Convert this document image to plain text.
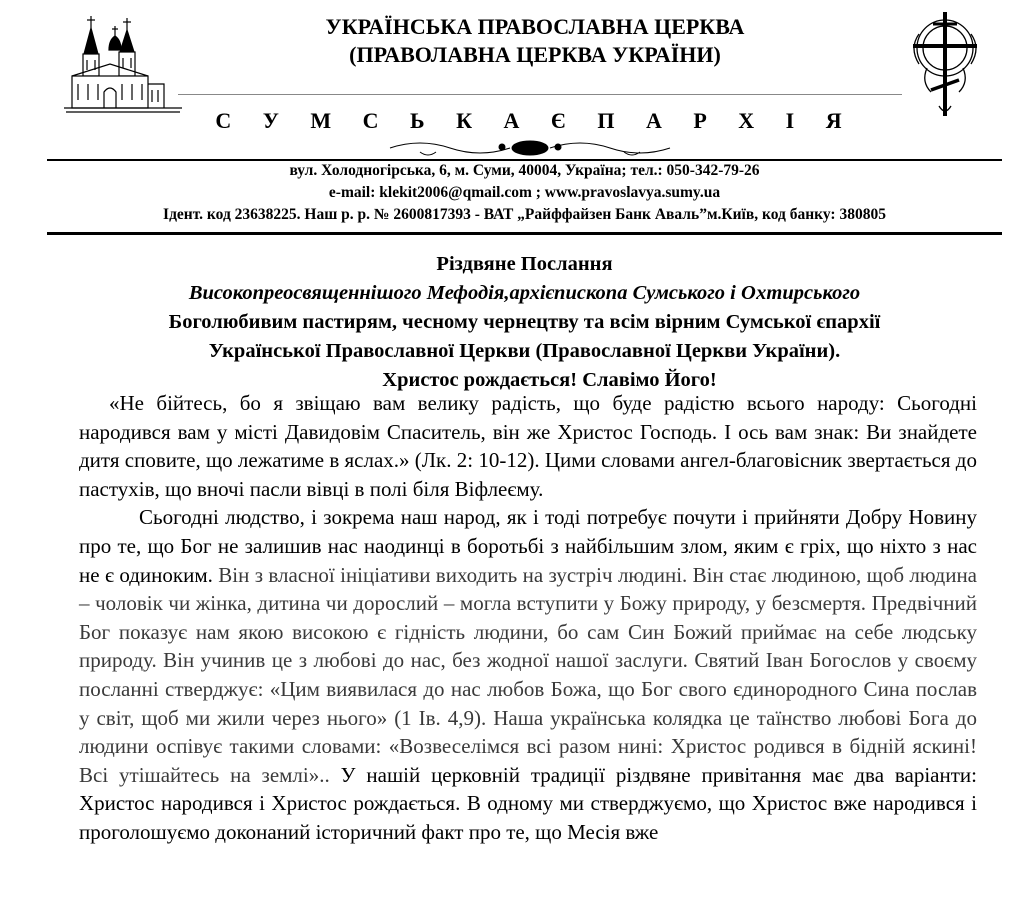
УКРАЇНСЬКА ПРАВОСЛАВНА ЦЕРКВА
(ПРАВОЛАВНА ЦЕРКВА УКРАЇНИ)
С У М С Ь К А Є П А Р Х І Я
вул. Холодногірська, 6, м. Суми, 40004, Україна; тел.: 050-342-79-26
e-mail: klekit2006@qmail.com ; www.pravoslavya.sumy.ua
Ідент. код 23638225. Наш р. р. № 2600817393 - ВАТ „Райффайзен Банк Аваль”м.Київ, код банку: 380805
Різдвяне Послання
Високопреосвященнішого Мефодія,архієпископа Сумського і Охтирського
Боголюбивим пастирям, чесному чернецтву та всім вірним Сумської єпархії
Української Православної Церкви (Православної Церкви України).
Христос рождається! Славімо Його!

«Не бійтесь, бо я звіщаю вам велику радість, що буде радістю всього народу: Сьогодні народився вам у місті Давидовім Спаситель, він же Христос Господь. І ось вам знак: Ви знайдете дитя сповите, що лежатиме в яслах.» (Лк. 2: 10-12). Цими словами ангел-благовісник звертається до пастухів, що вночі пасли вівці в полі біля Віфлеєму.

Сьогодні людство, і зокрема наш народ, як і тоді потребує почути і прийняти Добру Новину про те, що Бог не залишив нас наодинці в боротьбі з найбільшим злом, яким є гріх, що ніхто з нас не є одиноким. Він з власної ініціативи виходить на зустріч людині. Він стає людиною, щоб людина – чоловік чи жінка, дитина чи дорослий – могла вступити у Божу природу, у безсмертя. Предвічний Бог показує нам якою високою є гідність людини, бо сам Син Божий приймає на себе людську природу. Він учинив це з любові до нас, без жодної нашої заслуги. Святий Іван Богослов у своєму посланні стверджує: «Цим виявилася до нас любов Божа, що Бог свого єдинородного Сина послав у світ, щоб ми жили через нього» (1 Ів. 4,9). Наша українська колядка це таїнство любові Бога до людини оспівує такими словами: «Возвеселімся всі разом нині: Христос родився в бідній яскині! Всі утішайтесь на землі».. У нашій церковній традиції різдвяне привітання має два варіанти: Христос народився і Христос рождається. В одному ми стверджуємо, що Христос вже народився і проголошуємо доконаний історичний факт про те, що Месія вже
